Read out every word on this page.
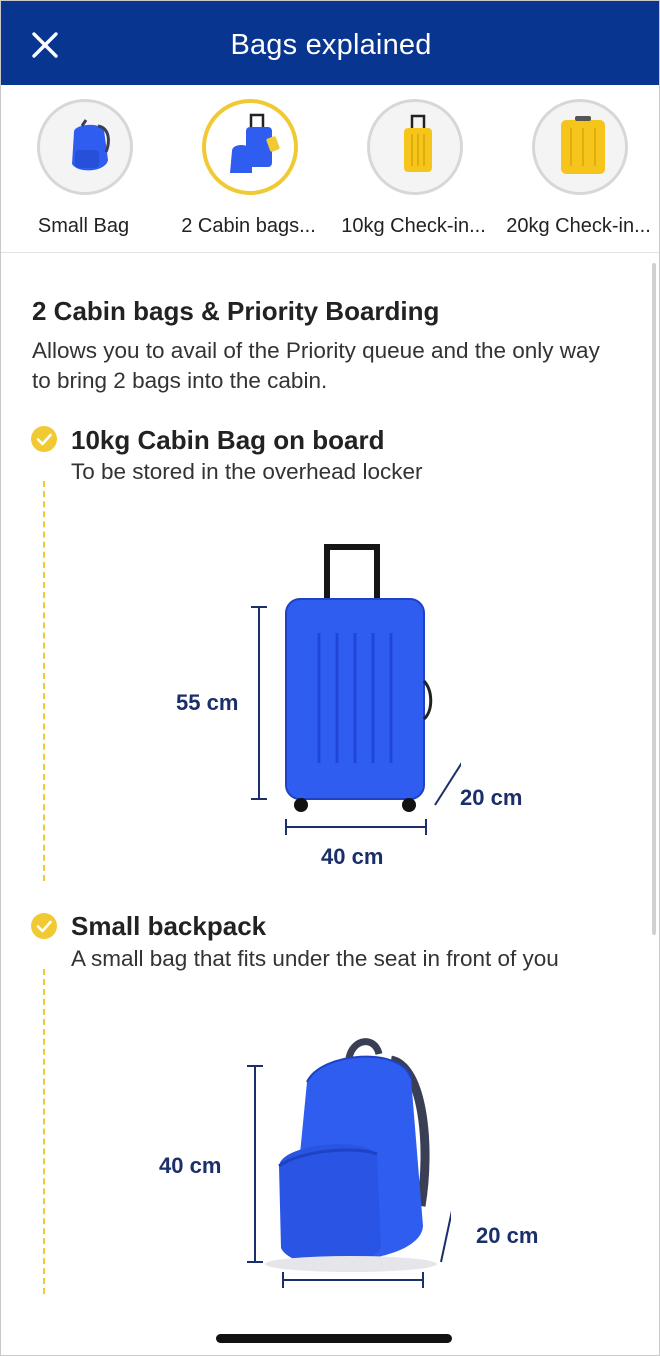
Bags explained
Small Bag	2 Cabin bags...	10kg Check-in...	20kg Check-in...
2 Cabin bags & Priority Boarding
Allows you to avail of the Priority queue and the only way to bring 2 bags into the cabin.
10kg Cabin Bag on board
To be stored in the overhead locker
55 cm
20 cm
40 cm
Small backpack
A small bag that fits under the seat in front of you
40 cm
20 cm
